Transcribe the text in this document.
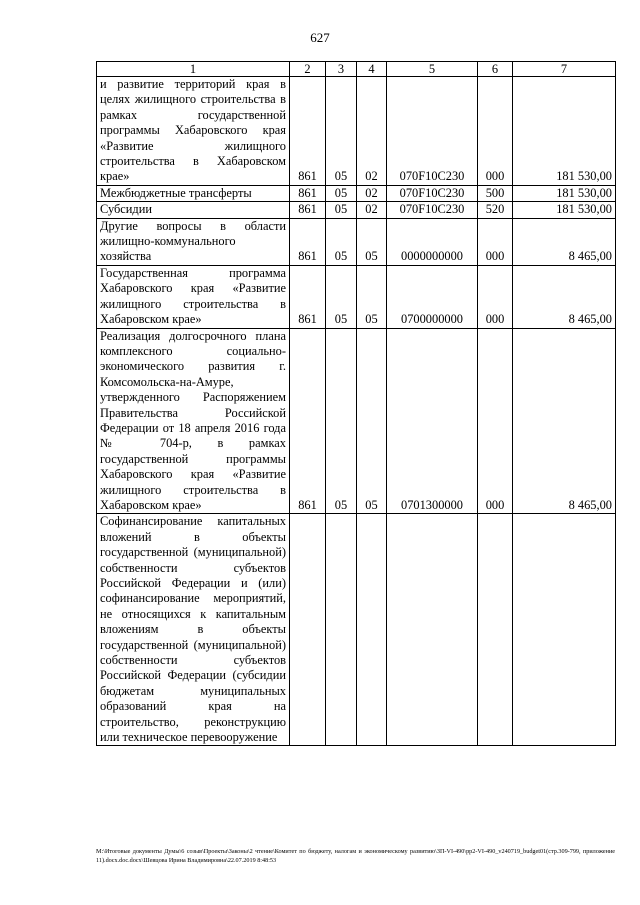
627
1	2	3	4	5	6	7
и развитие территорий края в целях жилищного строительства в рамках государственной программы Хабаровского края «Развитие жилищного строительства в Хабаровском крае»	861	05	02	070F10С230	000	181 530,00
Межбюджетные трансферты	861	05	02	070F10С230	500	181 530,00
Субсидии	861	05	02	070F10С230	520	181 530,00
Другие вопросы в области жилищно-коммунального хозяйства	861	05	05	0000000000	000	8 465,00
Государственная программа Хабаровского края «Развитие жилищного строительства в Хабаровском крае»	861	05	05	0700000000	000	8 465,00
Реализация долгосрочного плана комплексного социально-экономического развития г. Комсомольска-на-Амуре, утвержденного Распоряжением Правительства Российской Федерации от 18 апреля 2016 года № 704-р, в рамках государственной программы Хабаровского края «Развитие жилищного строительства в Хабаровском крае»	861	05	05	0701300000	000	8 465,00
Софинансирование капитальных вложений в объекты государственной (муниципальной) собственности субъектов Российской Федерации и (или) софинансирование мероприятий, не относящихся к капитальным вложениям в объекты государственной (муниципальной) собственности субъектов Российской Федерации (субсидии бюджетам муниципальных образований края на строительство, реконструкцию или техническое перевооружение						
M:\Итоговые документы Думы\6 созыв\Проекты\Законы\2 чтение\Комитет по бюджету, налогам и экономическому развитию\ЗП-VI-490\pp2-VI-490_v240719_budget01(стр.309-799, приложение 11).docx.doc.docx\Шевцова Ирина Владимировна\22.07.2019 8:48:53
